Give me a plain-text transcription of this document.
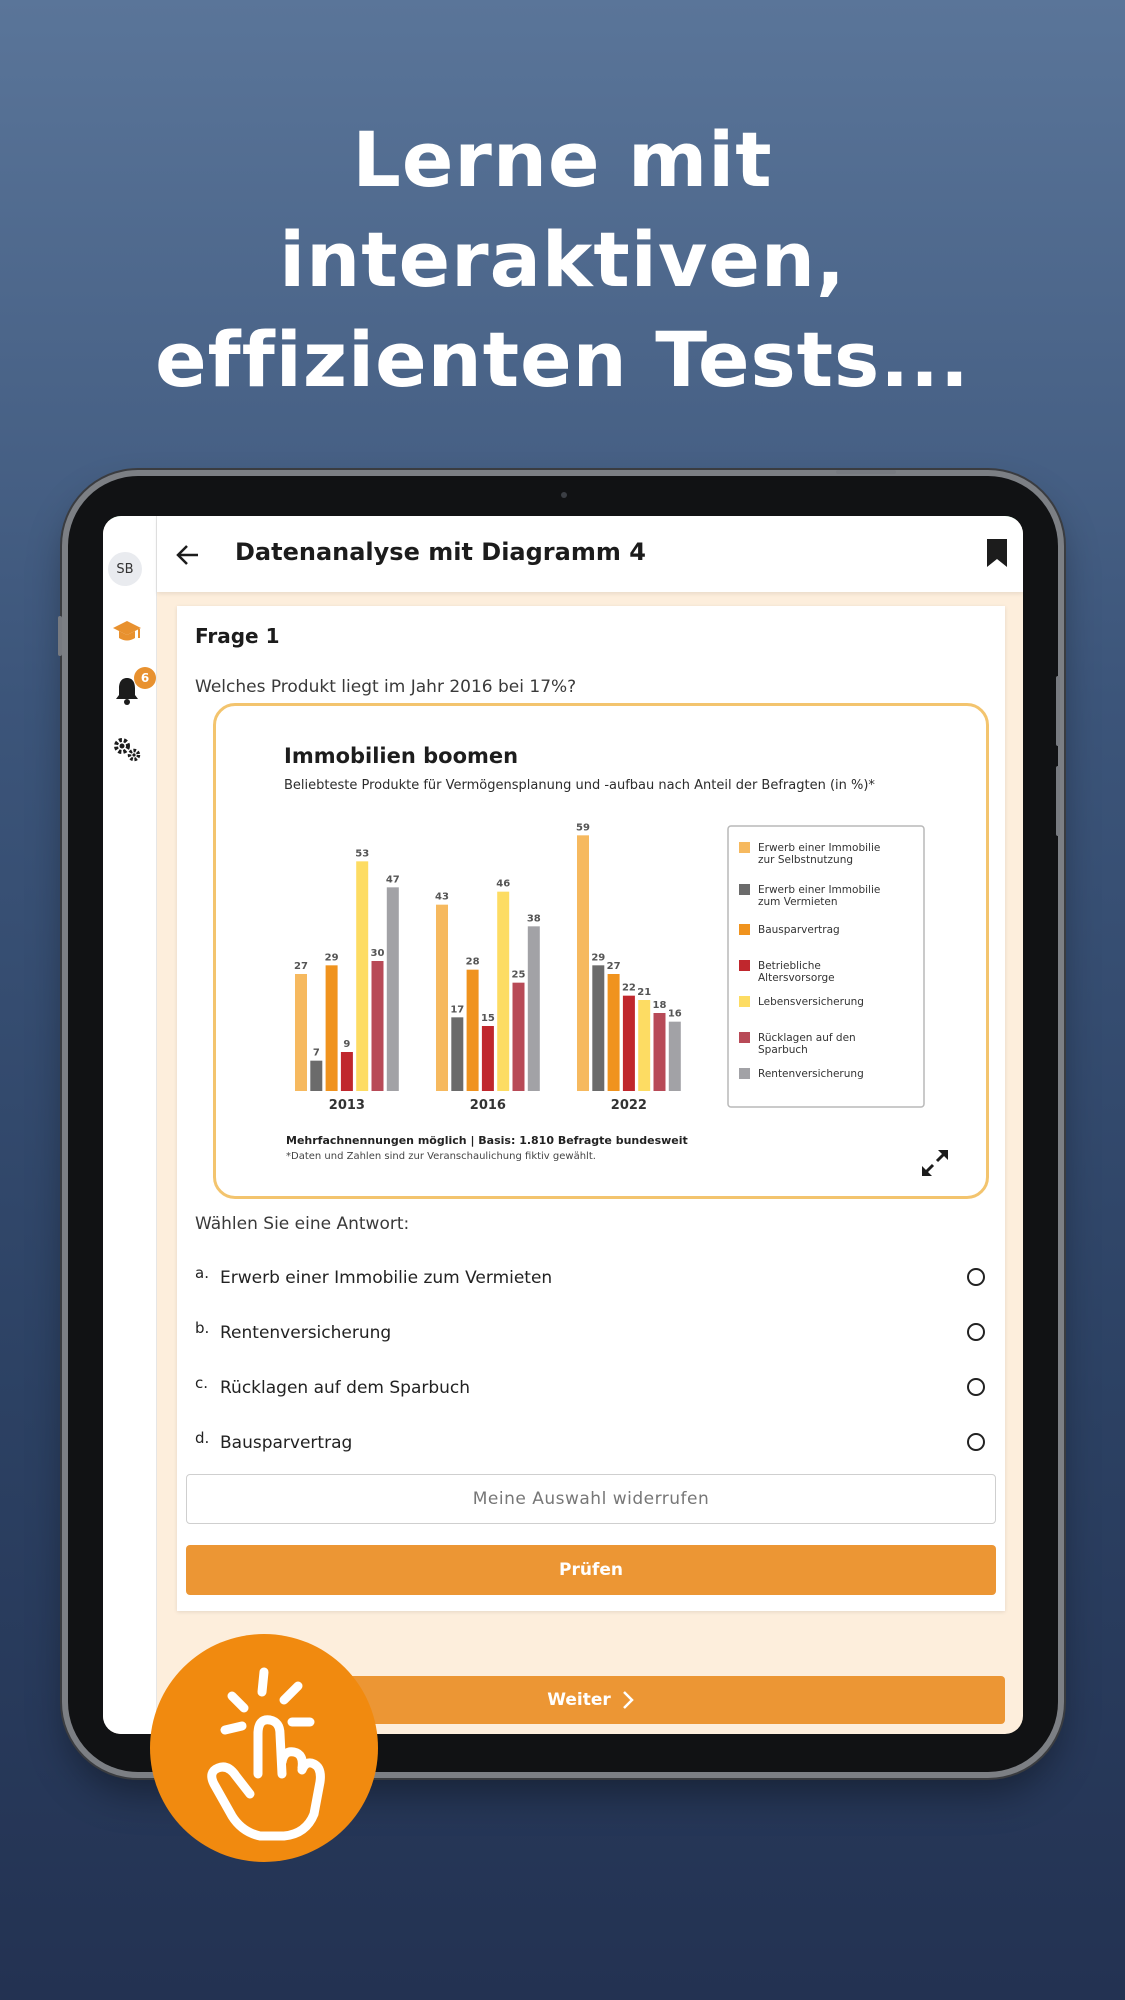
Lerne mit
interaktiven,
effizienten Tests...
SB
6
Datenanalyse mit Diagramm 4
Frage 1
Welches Produkt liegt im Jahr 2016 bei 17%?
Immobilien boomen
Beliebteste Produkte für Vermögensplanung und -aufbau nach Anteil der Befragten (in %)*
Erwerb einer Immobilie
zur Selbstnutzung
Erwerb einer Immobilie
zum Vermieten
Bausparvertrag
Betriebliche
Altersvorsorge
Lebensversicherung
Rücklagen auf den
Sparbuch
Rentenversicherung
27
7
29
9
53
30
47
2013
43
17
28
15
46
25
38
2016
59
29
27
22 21
18
16
2022
Mehrfachnennungen möglich | Basis: 1.810 Befragte bundesweit
*Daten und Zahlen sind zur Veranschaulichung fiktiv gewählt.
Wählen Sie eine Antwort:
a. Erwerb einer Immobilie zum Vermieten
b. Rentenversicherung
c. Rücklagen auf dem Sparbuch
d. Bausparvertrag
Meine Auswahl widerrufen
Prüfen
Weiter
